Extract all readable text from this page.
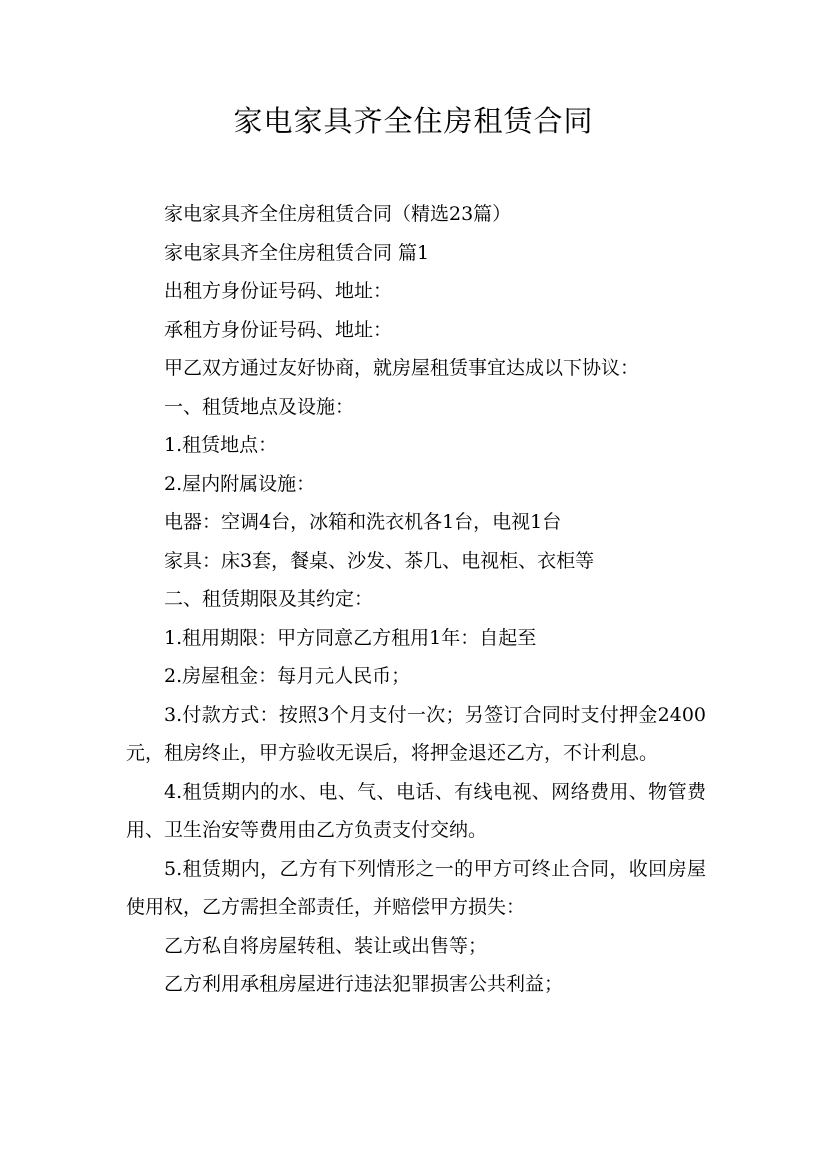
家电家具齐全住房租赁合同

家电家具齐全住房租赁合同（精选23篇）

家电家具齐全住房租赁合同 篇1

出租方身份证号码、地址：

承租方身份证号码、地址：

甲乙双方通过友好协商，就房屋租赁事宜达成以下协议：

一、租赁地点及设施：

1.租赁地点：

2.屋内附属设施：

电器：空调4台，冰箱和洗衣机各1台，电视1台

家具：床3套，餐桌、沙发、茶几、电视柜、衣柜等

二、租赁期限及其约定：

1.租用期限：甲方同意乙方租用1年：自起至

2.房屋租金：每月元人民币；

3.付款方式：按照3个月支付一次；另签订合同时支付押金2400元，租房终止，甲方验收无误后，将押金退还乙方，不计利息。

4.租赁期内的水、电、气、电话、有线电视、网络费用、物管费用、卫生治安等费用由乙方负责支付交纳。

5.租赁期内，乙方有下列情形之一的甲方可终止合同，收回房屋使用权，乙方需担全部责任，并赔偿甲方损失：

乙方私自将房屋转租、装让或出售等；

乙方利用承租房屋进行违法犯罪损害公共利益；
